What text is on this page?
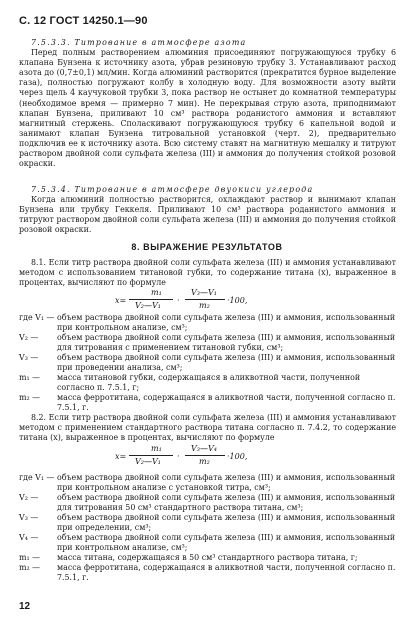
С. 12 ГОСТ 14250.1—90
7.5.3.3. Титрование в атмосфере азота
Перед полным растворением алюминия присоединяют погружающуюся трубку 6 клапана Бунзена к источнику азота, убрав резиновую трубку 3. Устанавливают расход азота до (0,7±0,1) мл/мин. Когда алюминий растворится (прекратится бурное выделение газа), полностью погружают колбу в холодную воду. Для возможности азоту выйти через щель 4 каучуковой трубки 3, пока раствор не остынет до комнатной температуры (необходимое время — примерно 7 мин). Не перекрывая струю азота, приподнимают клапан Бунзена, приливают 10 см³ раствора роданистого аммония и вставляют магнитный стержень. Споласкивают погружающуюся трубку 6 капельной водой и занимают клапан Бунзена титровальной установкой (черт. 2), предварительно подключив ее к источнику азота. Всю систему ставят на магнитную мешалку и титруют раствором двойной соли сульфата железа (III) и аммония до получения стойкой розовой окраски.
7.5.3.4. Титрование в атмосфере двуокиси углерода
Когда алюминий полностью растворится, охлаждают раствор и вынимают клапан Бунзена или трубку Геккеля. Приливают 10 см³ раствора роданистого аммония и титруют раствором двойной соли сульфата железа (III) и аммония до получения стойкой розовой окраски.
8. ВЫРАЖЕНИЕ РЕЗУЛЬТАТОВ
8.1. Если титр раствора двойной соли сульфата железа (III) и аммония устанавливают методом с использованием титановой губки, то содержание титана (x), выраженное в процентах, вычисляют по формуле
x=
m₁
V₂—V₁
·
V₃—V₁
m₂
·100,
где V₁ — объем раствора двойной соли сульфата железа (III) и аммония, использованный при контрольном анализе, см³;
V₂ —	объем раствора двойной соли сульфата железа (III) и аммония, использованный для титрования с применением титановой губки, см³;
V₃ —	объем раствора двойной соли сульфата железа (III) и аммония, использованный при проведении анализа, см³;
m₁ —	масса титановой губки, содержащаяся в аликвотной части, полученной согласно п. 7.5.1, г;
m₂ —	масса ферротитана, содержащаяся в аликвотной части, полученной согласно п. 7.5.1, г.
8.2. Если титр раствора двойной соли сульфата железа (III) и аммония устанавливают методом с применением стандартного раствора титана согласно п. 7.4.2, то содержание титана (x), выраженное в процентах, вычисляют по формуле
x=
m₁
V₂—V₁
·
V₃—V₄
m₂
·100,
где V₁ — объем раствора двойной соли сульфата железа (III) и аммония, использованный при контрольном анализе с установкой титра, см³;
V₂ —	объем раствора двойной соли сульфата железа (III) и аммония, использованный для титрования 50 см³ стандартного раствора титана, см³;
V₃ —	объем раствора двойной соли сульфата железа (III) и аммония, использованный при определении, см³;
V₄ —	объем раствора двойной соли сульфата железа (III) и аммония, использованный при контрольном анализе, см³;
m₁ —	масса титана, содержащаяся в 50 см³ стандартного раствора титана, г;
m₂ —	масса ферротитана, содержащаяся в аликвотной части, полученной согласно п. 7.5.1, г.
12
